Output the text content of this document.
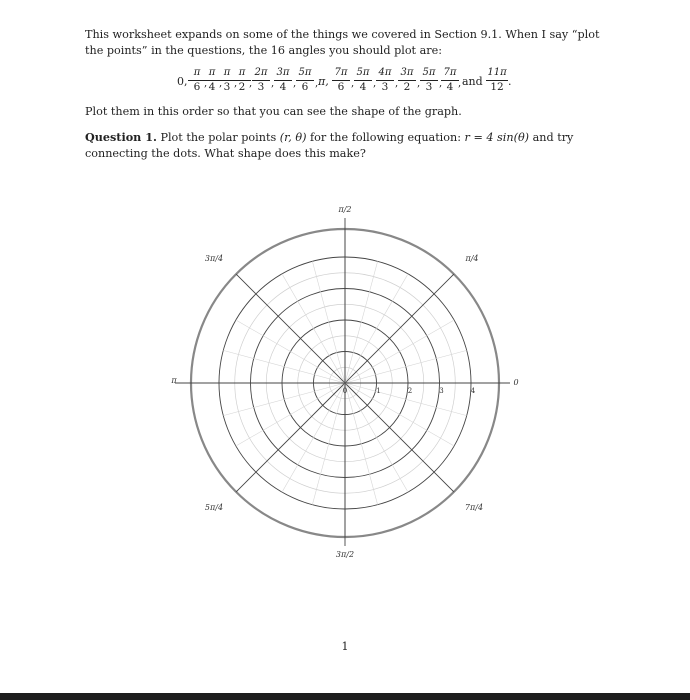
This worksheet expands on some of the things we covered in Section 9.1. When I say “plot the points” in the questions, the 16 angles you should plot are:

0,
π
6 ,
π
4 ,
π
3 ,
π
2 ,
2π
3 ,
3π
4 ,
5π
6 , π,
7π
6 ,
5π
4 ,
4π
3 ,
3π
2 ,
5π
3 ,
7π
4 , and
11π
12 .

Plot them in this order so that you can see the shape of the graph.

Question 1. Plot the polar points (r, θ) for the following equation: r = 4 sin(θ) and try connecting the dots. What shape does this make?

0	1	2	3	4
π/2
π/4
0
3π/4
π
5π/4
3π/2
7π/4
1
